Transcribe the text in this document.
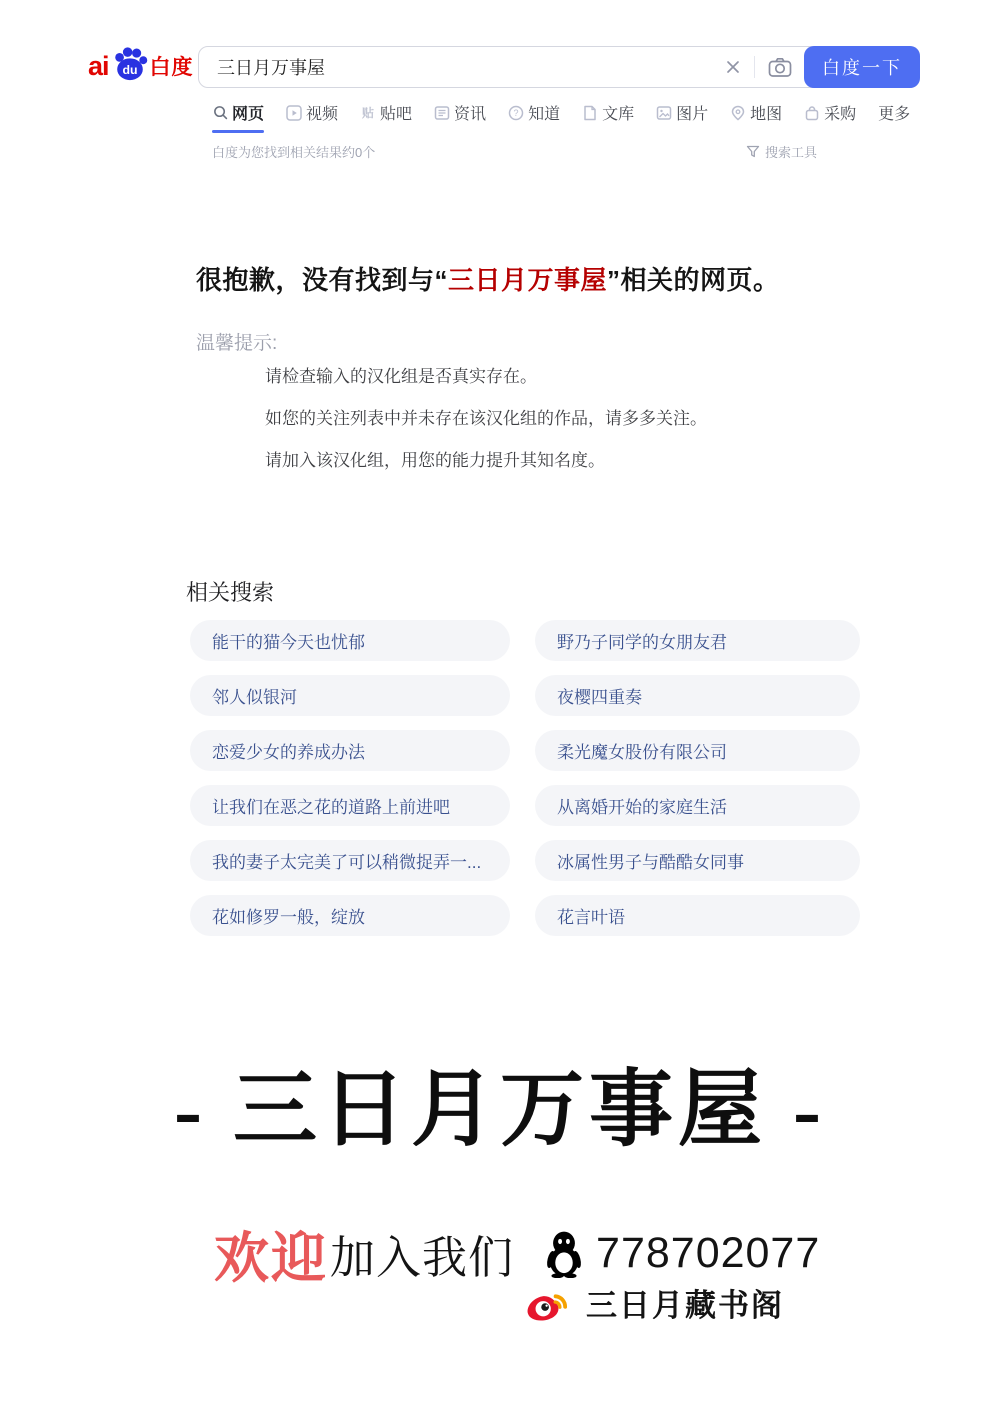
ai du 白度 三日月万事屋	白度一下
网页	视频 贴 贴吧	资讯	? 知道	文库	图片	地图	采购 更多
白度为您找到相关结果约0个	搜索工具
很抱歉，没有找到与“三日月万事屋”相关的网页。
温馨提示:
请检查输入的汉化组是否真实存在。
如您的关注列表中并未存在该汉化组的作品，请多多关注。
请加入该汉化组，用您的能力提升其知名度。
相关搜索
能干的猫今天也忧郁	野乃子同学的女朋友君
邻人似银河	夜樱四重奏
恋爱少女的养成办法	柔光魔女股份有限公司
让我们在恶之花的道路上前进吧	从离婚开始的家庭生活
我的妻子太完美了可以稍微捉弄一...	冰属性男子与酷酷女同事
花如修罗一般，绽放	花言叶语
- 三日月万事屋 -
欢迎 加入我们 778702077
三日月藏书阁
